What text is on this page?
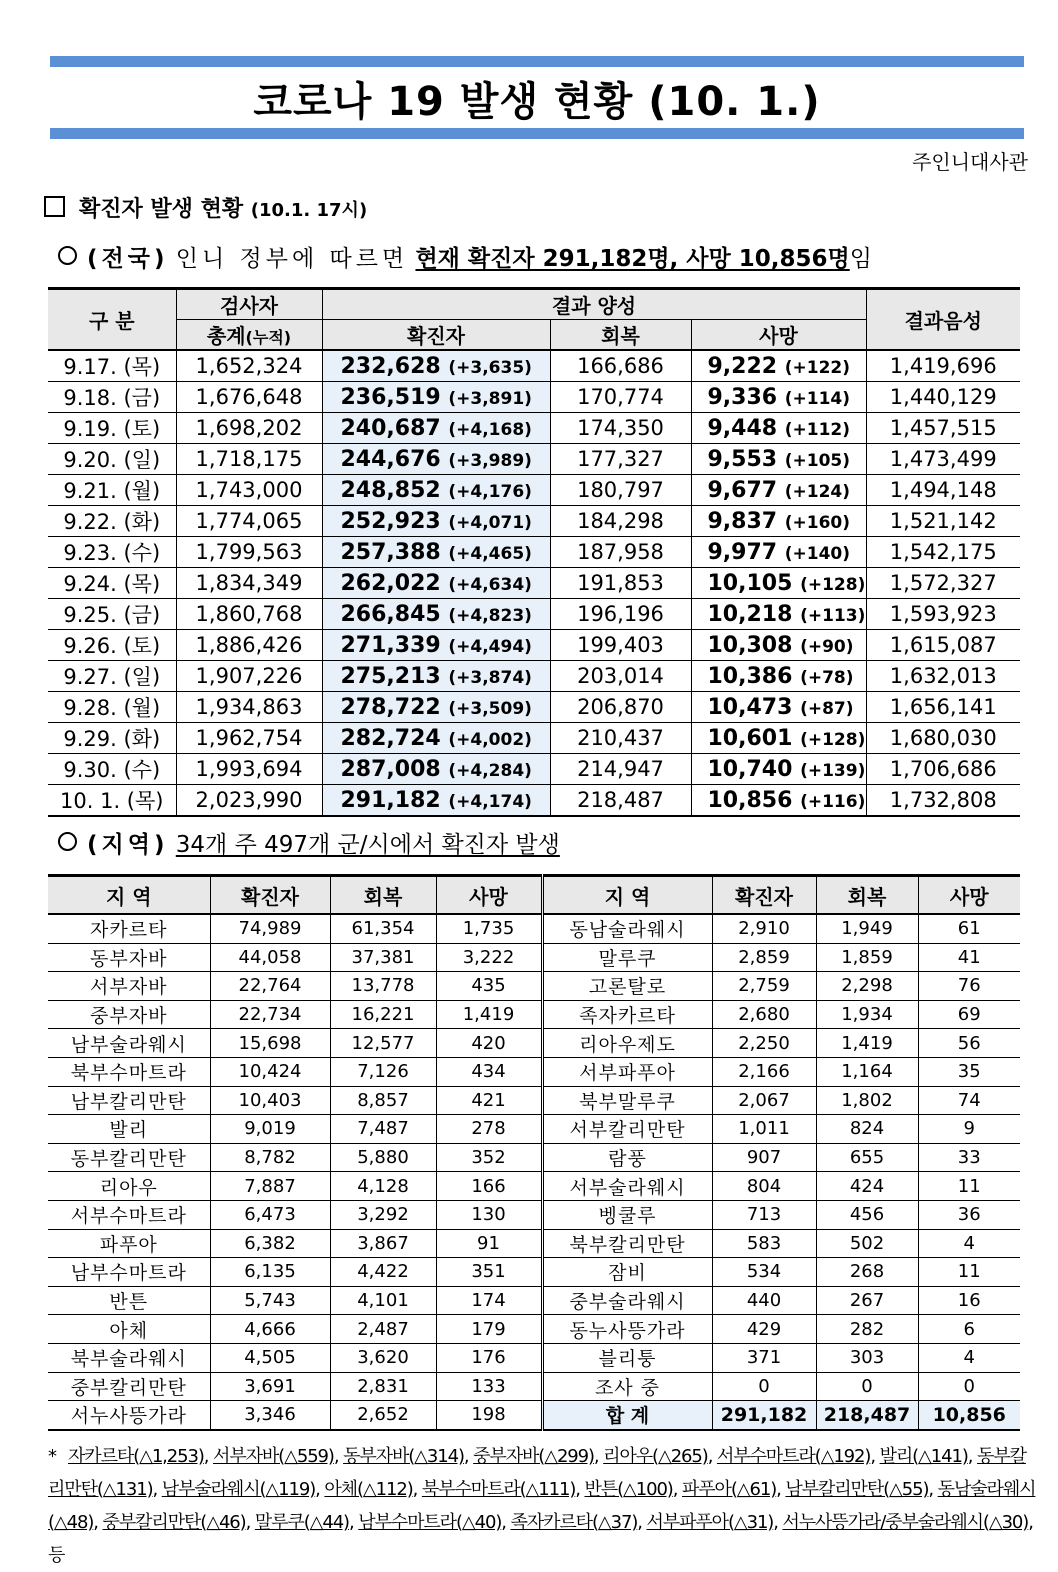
코로나 19 발생 현황 (10. 1.)
주인니대사관
확진자 발생 현황 (10.1. 17시)
(전국) 인니 정부에 따르면 현재 확진자 291,182명, 사망 10,856명임
구 분	검사자	결과 양성			결과음성
	총계(누적)	확진자	회복	사망	
9.17. (목)	1,652,324	232,628 (+3,635)	166,686	9,222 (+122)	1,419,696
9.18. (금)	1,676,648	236,519 (+3,891)	170,774	9,336 (+114)	1,440,129
9.19. (토)	1,698,202	240,687 (+4,168)	174,350	9,448 (+112)	1,457,515
9.20. (일)	1,718,175	244,676 (+3,989)	177,327	9,553 (+105)	1,473,499
9.21. (월)	1,743,000	248,852 (+4,176)	180,797	9,677 (+124)	1,494,148
9.22. (화)	1,774,065	252,923 (+4,071)	184,298	9,837 (+160)	1,521,142
9.23. (수)	1,799,563	257,388 (+4,465)	187,958	9,977 (+140)	1,542,175
9.24. (목)	1,834,349	262,022 (+4,634)	191,853	10,105 (+128)	1,572,327
9.25. (금)	1,860,768	266,845 (+4,823)	196,196	10,218 (+113)	1,593,923
9.26. (토)	1,886,426	271,339 (+4,494)	199,403	10,308 (+90)	1,615,087
9.27. (일)	1,907,226	275,213 (+3,874)	203,014	10,386 (+78)	1,632,013
9.28. (월)	1,934,863	278,722 (+3,509)	206,870	10,473 (+87)	1,656,141
9.29. (화)	1,962,754	282,724 (+4,002)	210,437	10,601 (+128)	1,680,030
9.30. (수)	1,993,694	287,008 (+4,284)	214,947	10,740 (+139)	1,706,686
10. 1. (목)	2,023,990	291,182 (+4,174)	218,487	10,856 (+116)	1,732,808
(지역) 34개 주 497개 군/시에서 확진자 발생
지 역	확진자	회복	사망	지 역	확진자	회복	사망
자카르타	74,989	61,354	1,735	동남술라웨시	2,910	1,949	61
동부자바	44,058	37,381	3,222	말루쿠	2,859	1,859	41
서부자바	22,764	13,778	435	고론탈로	2,759	2,298	76
중부자바	22,734	16,221	1,419	족자카르타	2,680	1,934	69
남부술라웨시	15,698	12,577	420	리아우제도	2,250	1,419	56
북부수마트라	10,424	7,126	434	서부파푸아	2,166	1,164	35
남부칼리만탄	10,403	8,857	421	북부말루쿠	2,067	1,802	74
발리	9,019	7,487	278	서부칼리만탄	1,011	824	9
동부칼리만탄	8,782	5,880	352	람풍	907	655	33
리아우	7,887	4,128	166	서부술라웨시	804	424	11
서부수마트라	6,473	3,292	130	벵쿨루	713	456	36
파푸아	6,382	3,867	91	북부칼리만탄	583	502	4
남부수마트라	6,135	4,422	351	잠비	534	268	11
반튼	5,743	4,101	174	중부술라웨시	440	267	16
아체	4,666	2,487	179	동누사뜽가라	429	282	6
북부술라웨시	4,505	3,620	176	블리퉁	371	303	4
중부칼리만탄	3,691	2,831	133	조사 중	0	0	0
서누사뜽가라	3,346	2,652	198	합 계	291,182	218,487	10,856
* 자카르타(△1,253), 서부자바(△559), 동부자바(△314), 중부자바(△299), 리아우(△265), 서부수마트라(△192), 발리(△141), 동부칼리만탄(△131), 남부술라웨시(△119), 아체(△112), 북부수마트라(△111), 반튼(△100), 파푸아(△61), 남부칼리만탄(△55), 동남술라웨시(△48), 중부칼리만탄(△46), 말루쿠(△44), 남부수마트라(△40), 족자카르타(△37), 서부파푸아(△31), 서누사뜽가라/중부술라웨시(△30), 등
